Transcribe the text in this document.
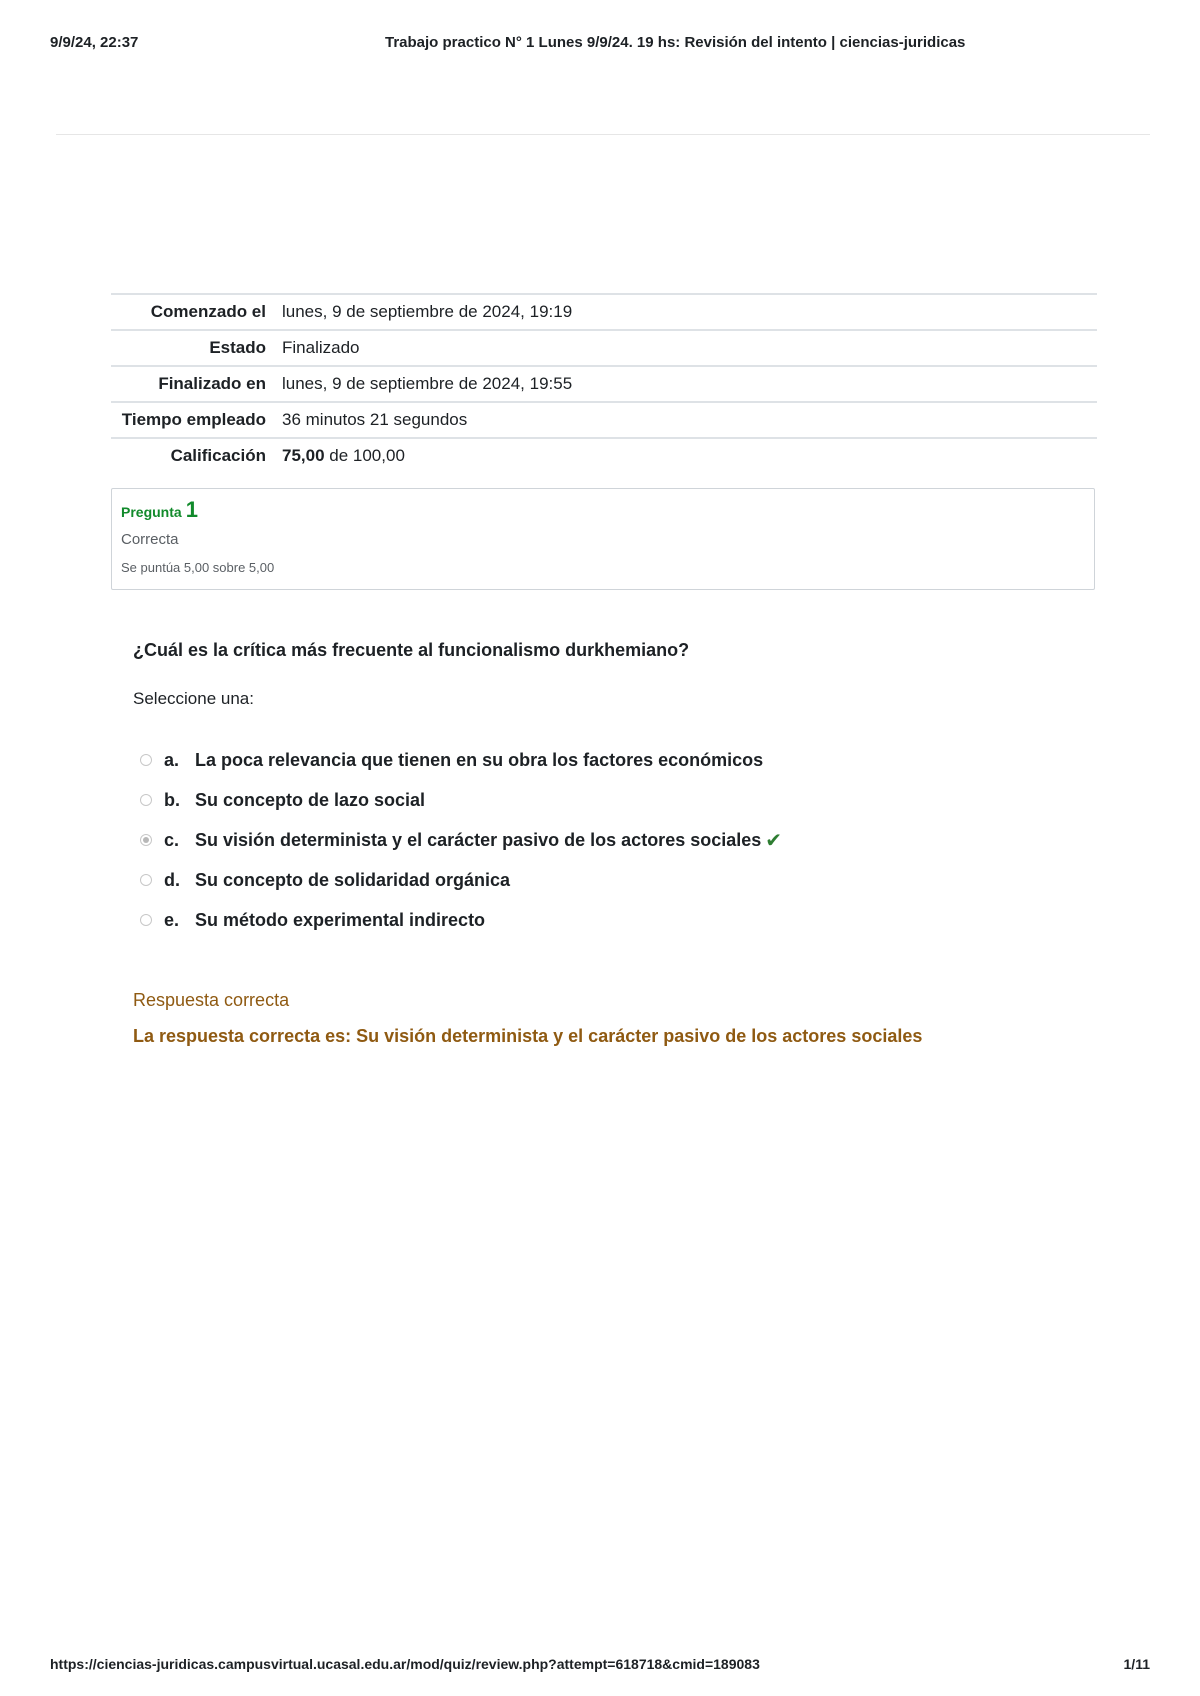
9/9/24, 22:37	Trabajo practico N° 1 Lunes 9/9/24. 19 hs: Revisión del intento | ciencias-juridicas
Comenzado el	lunes, 9 de septiembre de 2024, 19:19
Estado	Finalizado
Finalizado en	lunes, 9 de septiembre de 2024, 19:55
Tiempo empleado	36 minutos 21 segundos
Calificación	75,00 de 100,00
Pregunta 1
Correcta
Se puntúa 5,00 sobre 5,00
¿Cuál es la crítica más frecuente al funcionalismo durkhemiano?
Seleccione una:
a. La poca relevancia que tienen en su obra los factores económicos
b. Su concepto de lazo social
c. Su visión determinista y el carácter pasivo de los actores sociales ✔
d. Su concepto de solidaridad orgánica
e. Su método experimental indirecto
Respuesta correcta
La respuesta correcta es: Su visión determinista y el carácter pasivo de los actores sociales
https://ciencias-juridicas.campusvirtual.ucasal.edu.ar/mod/quiz/review.php?attempt=618718&cmid=189083	1/11
